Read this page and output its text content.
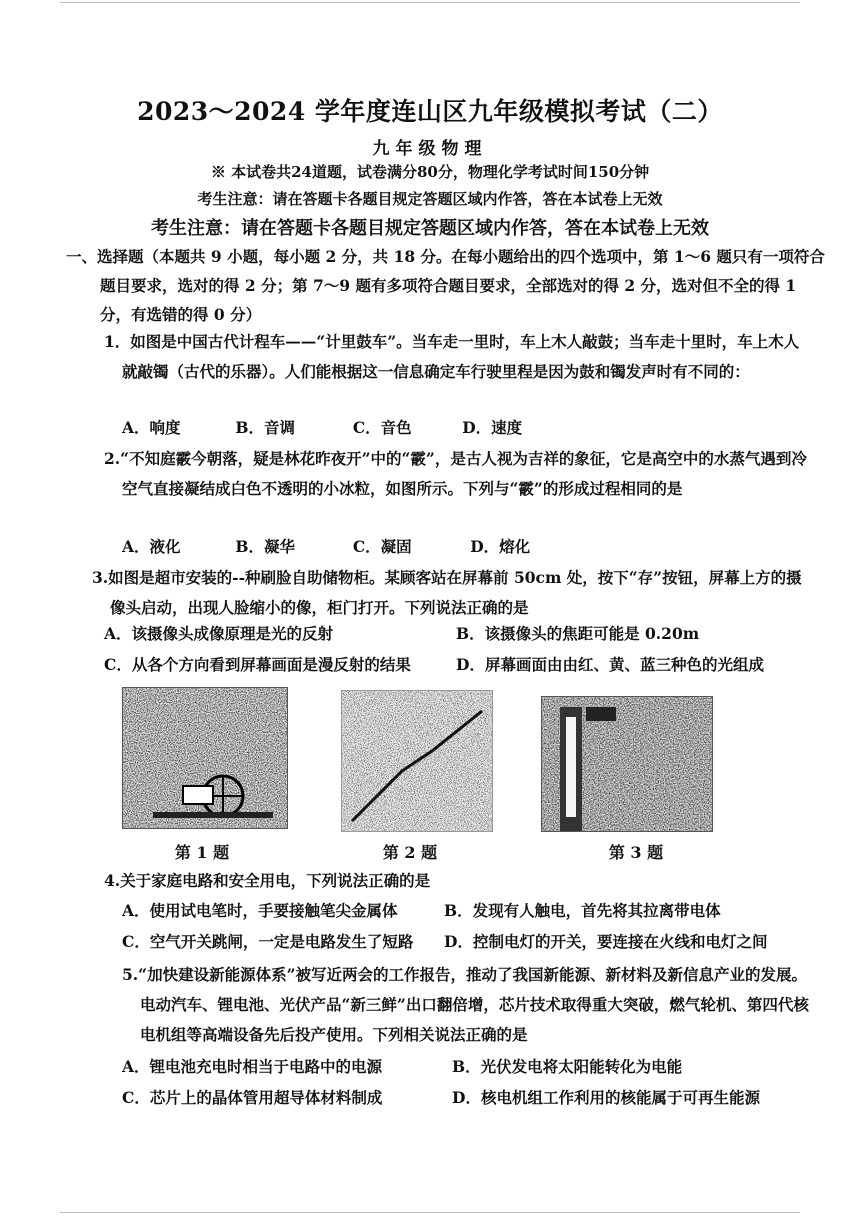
2023～2024 学年度连山区九年级模拟考试（二）
九年级物理
※ 本试卷共24道题，试卷满分80分，物理化学考试时间150分钟
考生注意：请在答题卡各题目规定答题区域内作答，答在本试卷上无效
考生注意：请在答题卡各题目规定答题区域内作答，答在本试卷上无效
一、选择题（本题共 9 小题，每小题 2 分，共 18 分。在每小题给出的四个选项中，第 1～6 题只有一项符合题目要求，选对的得 2 分；第 7～9 题有多项符合题目要求，全部选对的得 2 分，选对但不全的得 1 分，有选错的得 0 分）
1．如图是中国古代计程车——“计里鼓车”。当车走一里时，车上木人敲鼓；当车走十里时，车上木人就敲镯（古代的乐器）。人们能根据这一信息确定车行驶里程是因为鼓和镯发声时有不同的：
A．响度	B．音调	C．音色	D．速度
2.“不知庭霰今朝落，疑是林花昨夜开”中的“霰”，是古人视为吉祥的象征，它是高空中的水蒸气遇到冷空气直接凝结成白色不透明的小冰粒，如图所示。下列与“霰”的形成过程相同的是
A．液化	B．凝华	C．凝固	D．熔化
3.如图是超市安装的--种刷脸自助储物柜。某顾客站在屏幕前 50cm 处，按下“存”按钮，屏幕上方的摄像头启动，出现人脸缩小的像，柜门打开。下列说法正确的是
A．该摄像头成像原理是光的反射	B．该摄像头的焦距可能是 0.20m
C．从各个方向看到屏幕画面是漫反射的结果	D．屏幕画面由由红、黄、蓝三种色的光组成
第 1 题	第 2 题	第 3 题
4.关于家庭电路和安全用电，下列说法正确的是
A．使用试电笔时，手要接触笔尖金属体	B．发现有人触电，首先将其拉离带电体
C．空气开关跳闸，一定是电路发生了短路 D．控制电灯的开关，要连接在火线和电灯之间
5.“加快建设新能源体系”被写近两会的工作报告，推动了我国新能源、新材料及新信息产业的发展。电动汽车、锂电池、光伏产品“新三鲜”出口翻倍增，芯片技术取得重大突破，燃气轮机、第四代核电机组等高端设备先后投产使用。下列相关说法正确的是
A．锂电池充电时相当于电路中的电源	B．光伏发电将太阳能转化为电能
C．芯片上的晶体管用超导体材料制成	D．核电机组工作利用的核能属于可再生能源
